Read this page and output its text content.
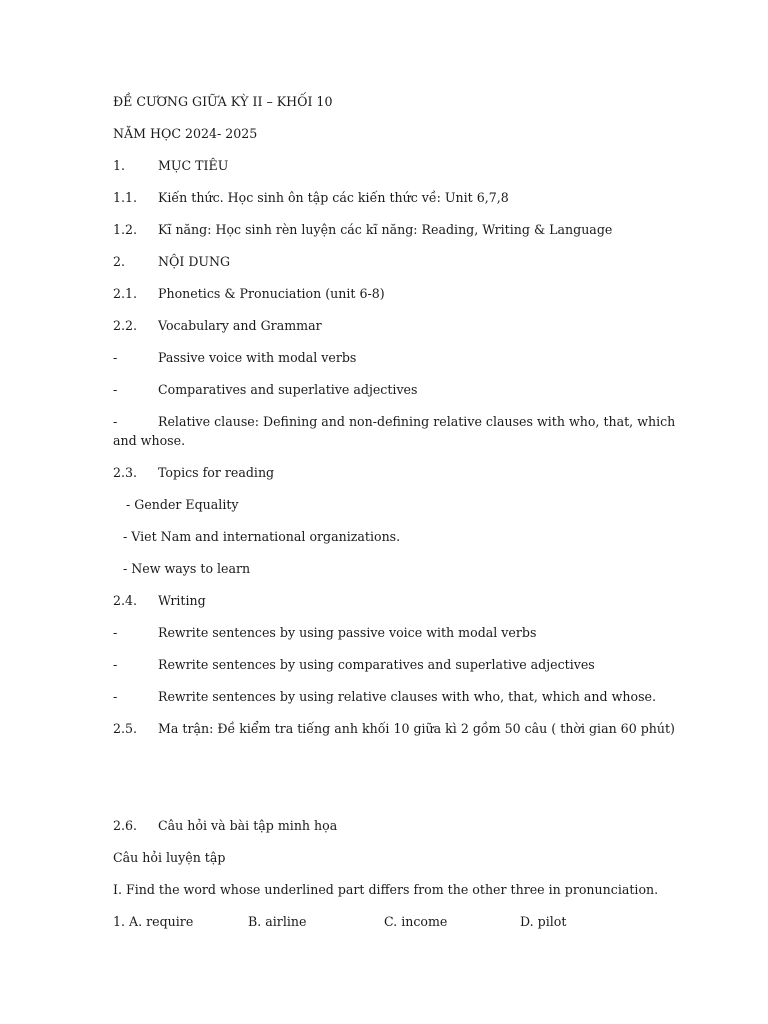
ĐỀ CƯƠNG GIỮA KỲ II – KHỐI 10
NĂM HỌC 2024- 2025
1.	MỤC TIÊU
1.1. Kiến thức. Học sinh ôn tập các kiến thức về: Unit 6,7,8
1.2. Kĩ năng: Học sinh rèn luyện các kĩ năng: Reading, Writing & Language
2.	NỘI DUNG
2.1. Phonetics & Pronuciation (unit 6-8)
2.2. Vocabulary and Grammar
-	Passive voice with modal verbs
-	Comparatives and superlative adjectives
-	Relative clause: Defining and non-defining relative clauses with who, that, which
and whose.
2.3. Topics for reading
- Gender Equality
- Viet Nam and international organizations.
- New ways to learn
2.4. Writing
-	Rewrite sentences by using passive voice with modal verbs
-	Rewrite sentences by using comparatives and superlative adjectives
-	Rewrite sentences by using relative clauses with who, that, which and whose.
2.5. Ma trận: Đề kiểm tra tiếng anh khối 10 giữa kì 2 gồm 50 câu ( thời gian 60 phút)
2.6. Câu hỏi và bài tập minh họa
Câu hỏi luyện tập
I. Find the word whose underlined part differs from the other three in pronunciation.
1. A. require	B. airline	C. income	D. pilot
